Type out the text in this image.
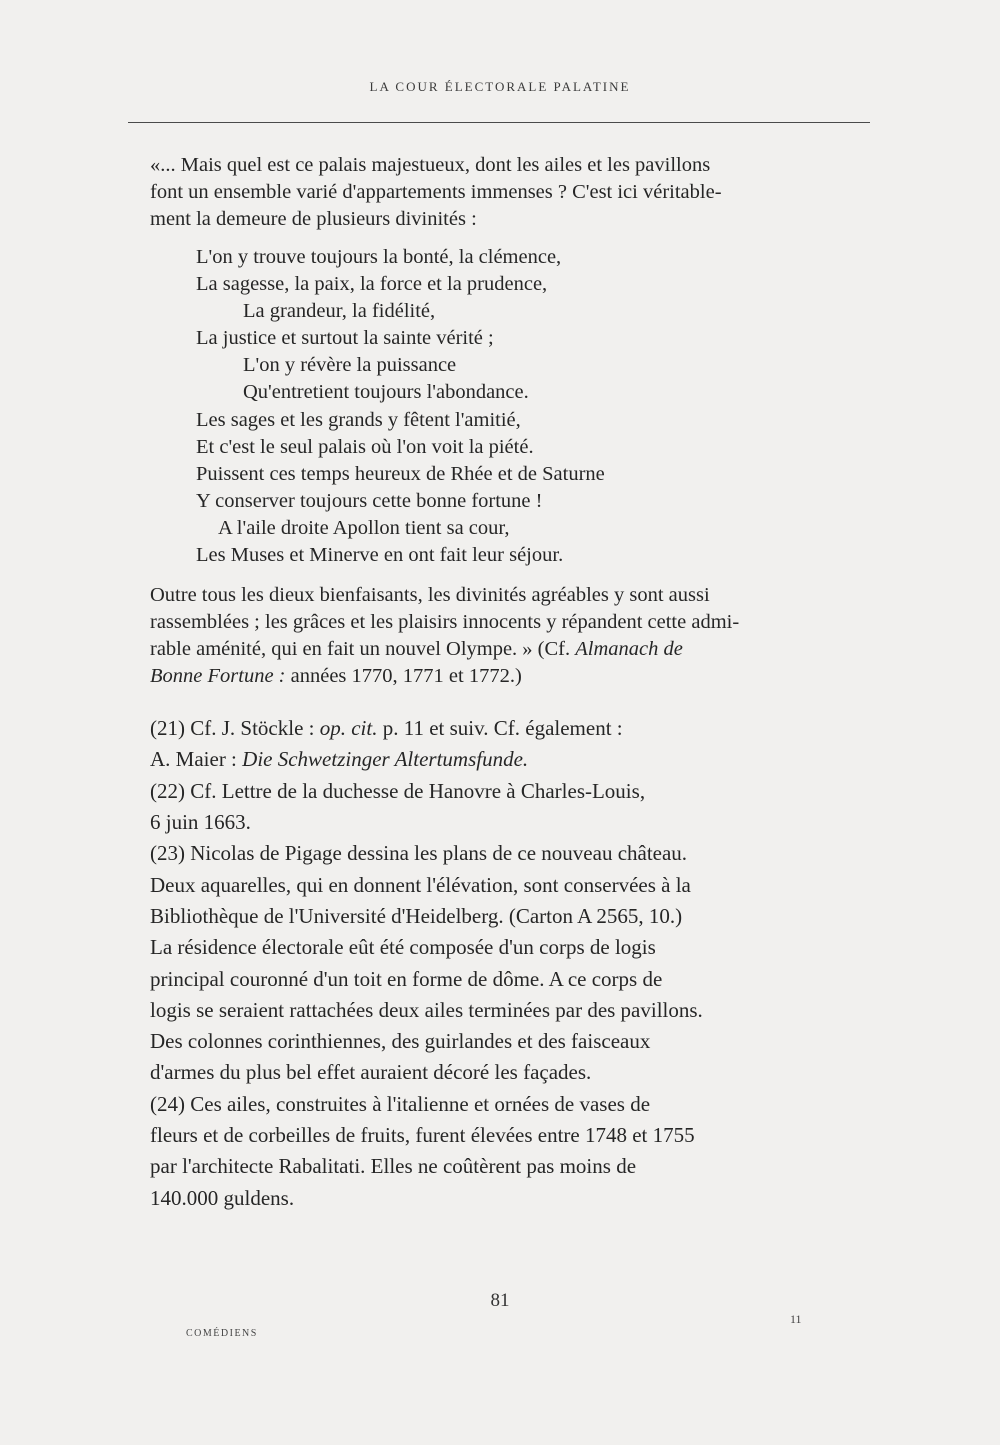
LA COUR ÉLECTORALE PALATINE
«... Mais quel est ce palais majestueux, dont les ailes et les pavillons
font un ensemble varié d'appartements immenses ? C'est ici véritable-
ment la demeure de plusieurs divinités :
L'on y trouve toujours la bonté, la clémence,
La sagesse, la paix, la force et la prudence,
La grandeur, la fidélité,
La justice et surtout la sainte vérité ;
L'on y révère la puissance
Qu'entretient toujours l'abondance.
Les sages et les grands y fêtent l'amitié,
Et c'est le seul palais où l'on voit la piété.
Puissent ces temps heureux de Rhée et de Saturne
Y conserver toujours cette bonne fortune !
A l'aile droite Apollon tient sa cour,
Les Muses et Minerve en ont fait leur séjour.
Outre tous les dieux bienfaisants, les divinités agréables y sont aussi
rassemblées ; les grâces et les plaisirs innocents y répandent cette admi-
rable aménité, qui en fait un nouvel Olympe. » (Cf. Almanach de
Bonne Fortune : années 1770, 1771 et 1772.)
(21) Cf. J. Stöckle : op. cit. p. 11 et suiv. Cf. également :
A. Maier : Die Schwetzinger Altertumsfunde.
(22) Cf. Lettre de la duchesse de Hanovre à Charles-Louis,
6 juin 1663.
(23) Nicolas de Pigage dessina les plans de ce nouveau château.
Deux aquarelles, qui en donnent l'élévation, sont conservées à la
Bibliothèque de l'Université d'Heidelberg. (Carton A 2565, 10.)
La résidence électorale eût été composée d'un corps de logis
principal couronné d'un toit en forme de dôme. A ce corps de
logis se seraient rattachées deux ailes terminées par des pavillons.
Des colonnes corinthiennes, des guirlandes et des faisceaux
d'armes du plus bel effet auraient décoré les façades.
(24) Ces ailes, construites à l'italienne et ornées de vases de
fleurs et de corbeilles de fruits, furent élevées entre 1748 et 1755
par l'architecte Rabalitati. Elles ne coûtèrent pas moins de
140.000 guldens.
81
COMÉDIENS
11
